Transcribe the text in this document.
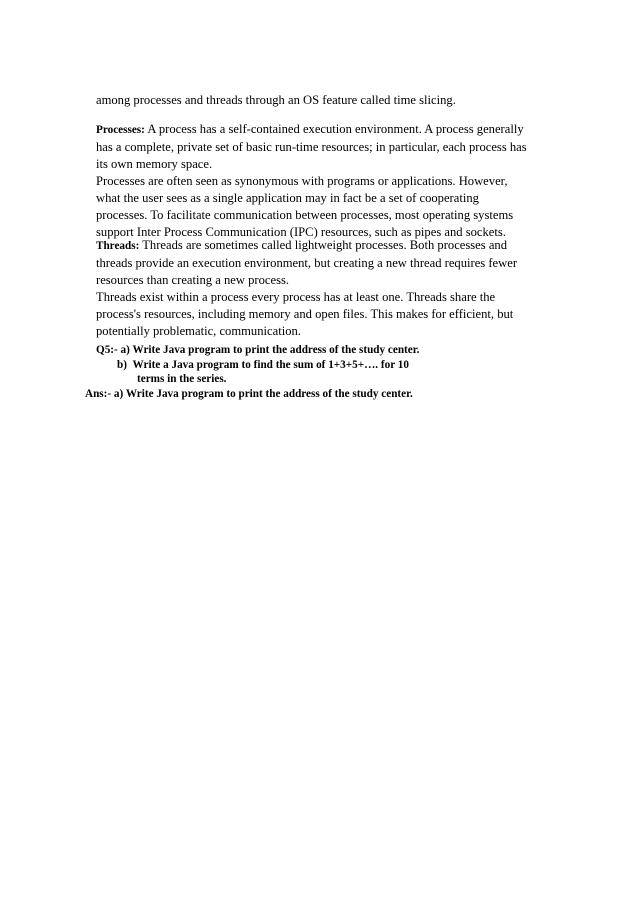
among processes and threads through an OS feature called time slicing.
Processes: A process has a self-contained execution environment. A process generally
has a complete, private set of basic run-time resources; in particular, each process has
its own memory space.
Processes are often seen as synonymous with programs or applications. However,
what the user sees as a single application may in fact be a set of cooperating
processes. To facilitate communication between processes, most operating systems
support Inter Process Communication (IPC) resources, such as pipes and sockets.
Threads: Threads are sometimes called lightweight processes. Both processes and
threads provide an execution environment, but creating a new thread requires fewer
resources than creating a new process.
Threads exist within a process every process has at least one. Threads share the
process's resources, including memory and open files. This makes for efficient, but
potentially problematic, communication.
Q5:- a) Write Java program to print the address of the study center.
b)  Write a Java program to find the sum of 1+3+5+…. for 10
terms in the series.
Ans:- a) Write Java program to print the address of the study center.
